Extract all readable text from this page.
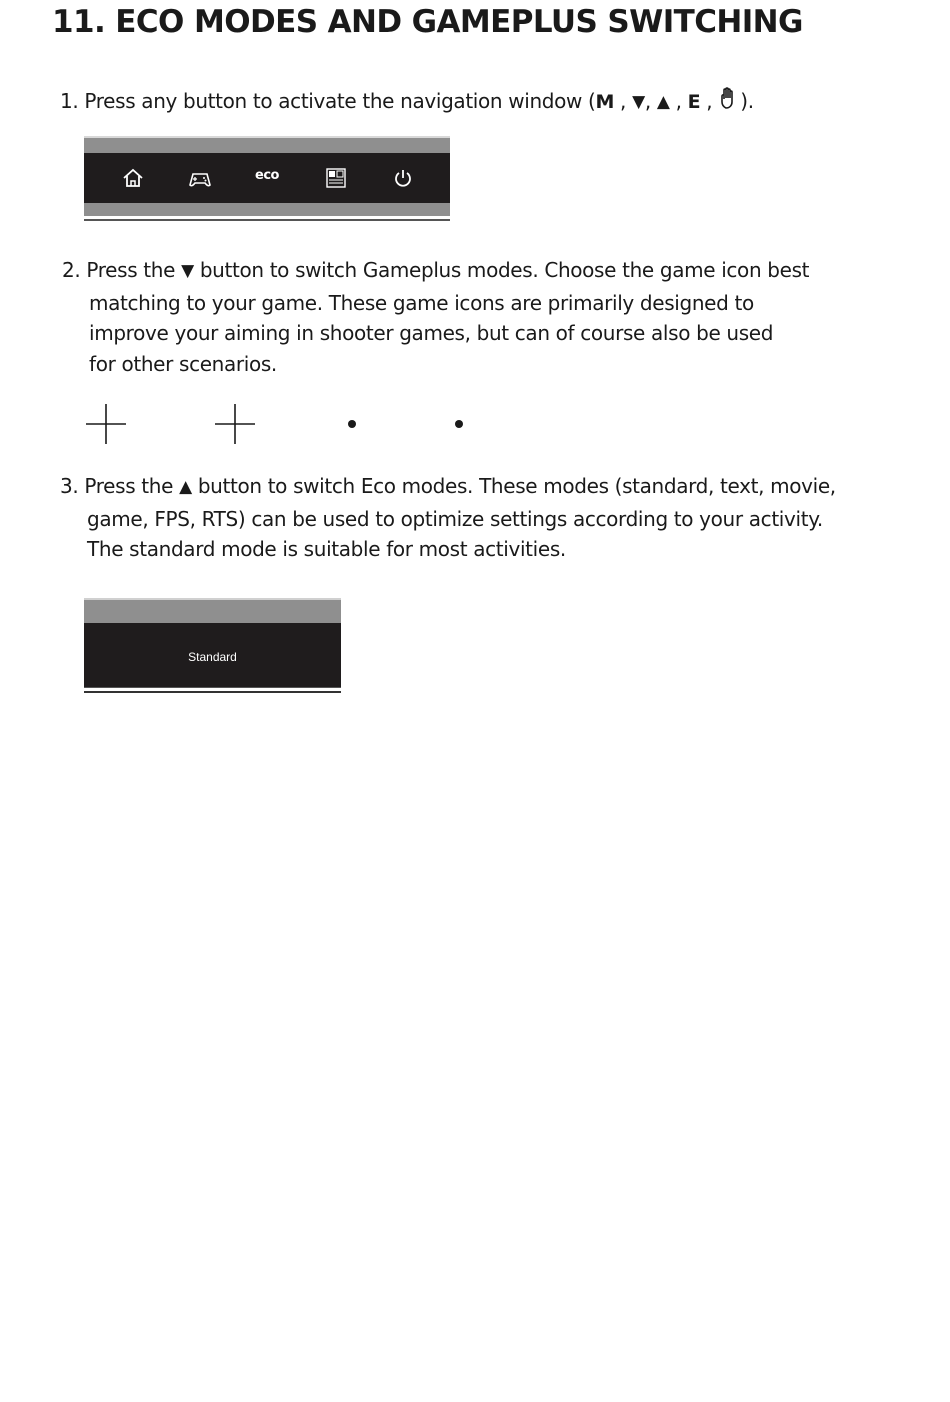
11. ECO MODES AND GAMEPLUS SWITCHING
1. Press any button to activate the navigation window (M , ▼, ▲ , E , ).
eco
2. Press the ▼ button to switch Gameplus modes. Choose the game icon best
matching to your game. These game icons are primarily designed to
improve your aiming in shooter games, but can of course also be used
for other scenarios.
3. Press the ▲ button to switch Eco modes. These modes (standard, text, movie,
game, FPS, RTS) can be used to optimize settings according to your activity.
The standard mode is suitable for most activities.
Standard
